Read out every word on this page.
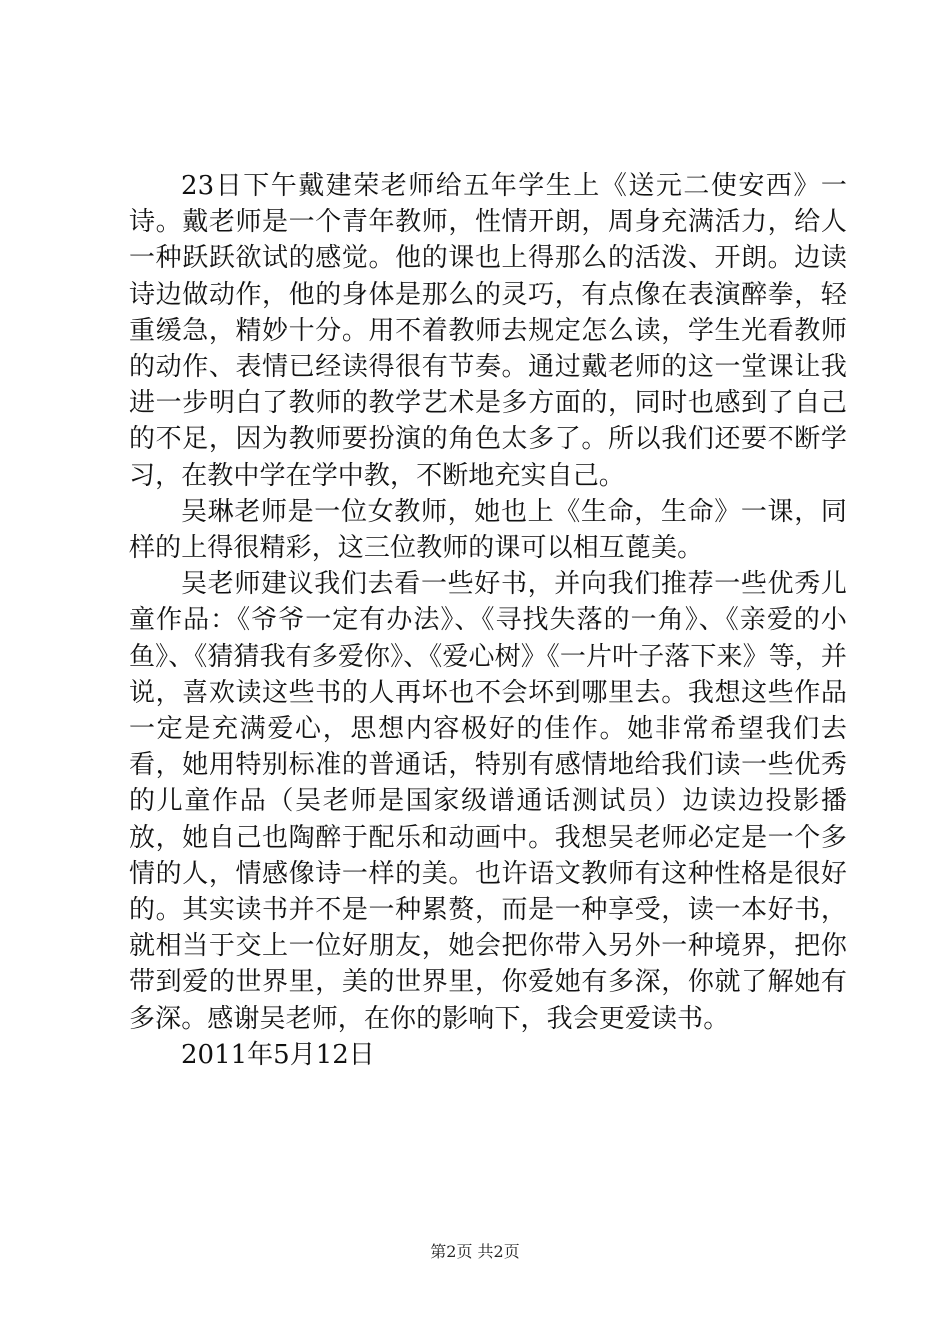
23日下午戴建荣老师给五年学生上《送元二使安西》一诗。戴老师是一个青年教师，性情开朗，周身充满活力，给人一种跃跃欲试的感觉。他的课也上得那么的活泼、开朗。边读诗边做动作，他的身体是那么的灵巧，有点像在表演醉拳，轻重缓急，精妙十分。用不着教师去规定怎么读，学生光看教师的动作、表情已经读得很有节奏。通过戴老师的这一堂课让我进一步明白了教师的教学艺术是多方面的，同时也感到了自己的不足，因为教师要扮演的角色太多了。所以我们还要不断学习，在教中学在学中教，不断地充实自己。

吴琳老师是一位女教师，她也上《生命，生命》一课，同样的上得很精彩，这三位教师的课可以相互蓖美。

吴老师建议我们去看一些好书，并向我们推荐一些优秀儿童作品：《爷爷一定有办法》、《寻找失落的一角》、《亲爱的小鱼》、《猜猜我有多爱你》、《爱心树》《一片叶子落下来》等，并说，喜欢读这些书的人再坏也不会坏到哪里去。我想这些作品一定是充满爱心，思想内容极好的佳作。她非常希望我们去看，她用特别标准的普通话，特别有感情地给我们读一些优秀的儿童作品（吴老师是国家级谱通话测试员）边读边投影播放，她自己也陶醉于配乐和动画中。我想吴老师必定是一个多情的人，情感像诗一样的美。也许语文教师有这种性格是很好的。其实读书并不是一种累赘，而是一种享受，读一本好书，就相当于交上一位好朋友，她会把你带入另外一种境界，把你带到爱的世界里，美的世界里，你爱她有多深，你就了解她有多深。感谢吴老师，在你的影响下，我会更爱读书。

2011年5月12日

第2页 共2页
